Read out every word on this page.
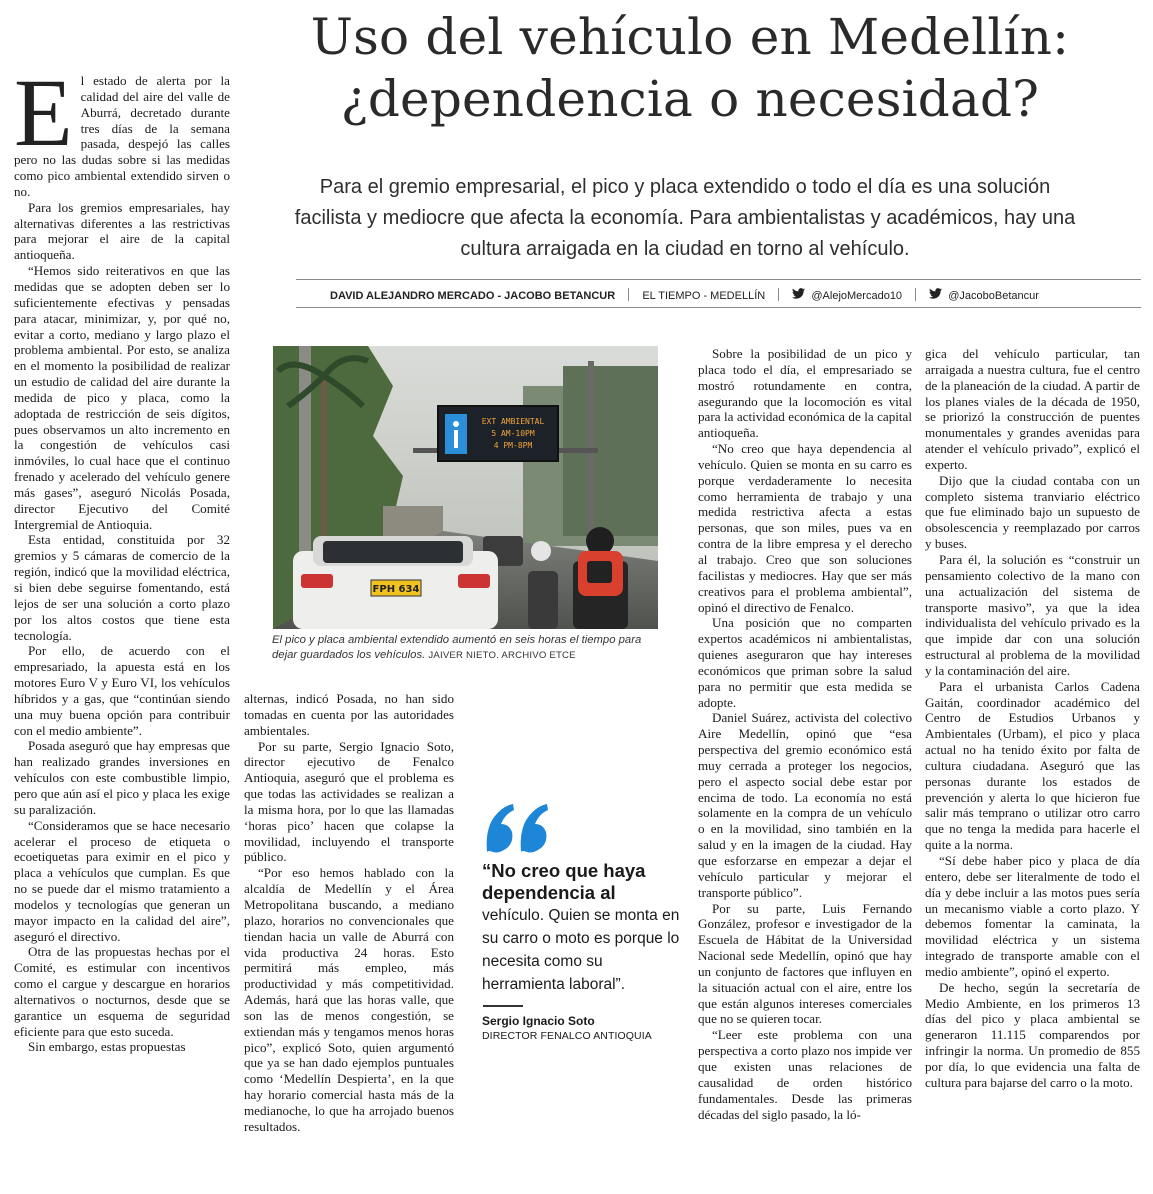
Uso del vehículo en Medellín:
¿dependencia o necesidad?

Para el gremio empresarial, el pico y placa extendido o todo el día es una solución facilista y mediocre que afecta la economía. Para ambientalistas y académicos, hay una cultura arraigada en la ciudad en torno al vehículo.

DAVID ALEJANDRO MERCADO - JACOBO BETANCUR EL TIEMPO - MEDELLÍN	@AlejoMercado10	@JacoboBetancur
E l estado de alerta por la calidad del aire del valle de Aburrá, decretado durante tres días de la semana pasada, despejó las calles pero no las dudas sobre si las medidas como pico ambiental extendido sirven o no.

Para los gremios empresariales, hay alternativas diferentes a las restrictivas para mejorar el aire de la capital antioqueña.

“Hemos sido reiterativos en que las medidas que se adopten deben ser lo suficientemente efectivas y pensadas para atacar, minimizar, y, por qué no, evitar a corto, mediano y largo plazo el problema ambiental. Por esto, se analiza en el momento la posibilidad de realizar un estudio de calidad del aire durante la medida de pico y placa, como la adoptada de restricción de seis dígitos, pues observamos un alto incremento en la congestión de vehículos casi inmóviles, lo cual hace que el continuo frenado y acelerado del vehículo genere más gases”, aseguró Nicolás Posada, director Ejecutivo del Comité Intergremial de Antioquia.

Esta entidad, constituida por 32 gremios y 5 cámaras de comercio de la región, indicó que la movilidad eléctrica, si bien debe seguirse fomentando, está lejos de ser una solución a corto plazo por los altos costos que tiene esta tecnología.

Por ello, de acuerdo con el empresariado, la apuesta está en los motores Euro V y Euro VI, los vehículos híbridos y a gas, que “continúan siendo una muy buena opción para contribuir con el medio ambiente”.

Posada aseguró que hay empresas que han realizado grandes inversiones en vehículos con este combustible limpio, pero que aún así el pico y placa les exige su paralización.

“Consideramos que se hace necesario acelerar el proceso de etiqueta o ecoetiquetas para eximir en el pico y placa a vehículos que cumplan. Es que no se puede dar el mismo tratamiento a modelos y tecnologías que generan un mayor impacto en la calidad del aire”, aseguró el directivo.

Otra de las propuestas hechas por el Comité, es estimular con incentivos como el cargue y descargue en horarios alternativos o nocturnos, desde que se garantice un esquema de seguridad eficiente para que esto suceda.

Sin embargo, estas propuestas

EXT AMBIENTAL
5 AM-10PM
4 PM-8PM
FPH 634

El pico y placa ambiental extendido aumentó en seis horas el tiempo para dejar guardados los vehículos. JAIVER NIETO. ARCHIVO ETCE

alternas, indicó Posada, no han sido tomadas en cuenta por las autoridades ambientales.

Por su parte, Sergio Ignacio Soto, director ejecutivo de Fenalco Antioquia, aseguró que el problema es que todas las actividades se realizan a la misma hora, por lo que las llamadas ‘horas pico’ hacen que colapse la movilidad, incluyendo el transporte público.

“Por eso hemos hablado con la alcaldía de Medellín y el Área Metropolitana buscando, a mediano plazo, horarios no convencionales que tiendan hacia un valle de Aburrá con vida productiva 24 horas. Esto permitirá más empleo, más productividad y más competitividad. Además, hará que las horas valle, que son las de menos congestión, se extiendan más y tengamos menos horas pico”, explicó Soto, quien argumentó que ya se han dado ejemplos puntuales como ‘Medellín Despierta’, en la que hay horario comercial hasta más de la medianoche, lo que ha arrojado buenos resultados.

“No creo que haya dependencia al

vehículo. Quien se monta en su carro o moto es porque lo necesita como su herramienta laboral”.

Sergio Ignacio Soto
DIRECTOR FENALCO ANTIOQUIA

Sobre la posibilidad de un pico y placa todo el día, el empresariado se mostró rotundamente en contra, asegurando que la locomoción es vital para la actividad económica de la capital antioqueña.

“No creo que haya dependencia al vehículo. Quien se monta en su carro es porque verdaderamente lo necesita como herramienta de trabajo y una medida restrictiva afecta a estas personas, que son miles, pues va en contra de la libre empresa y el derecho al trabajo. Creo que son soluciones facilistas y mediocres. Hay que ser más creativos para el problema ambiental”, opinó el directivo de Fenalco.

Una posición que no comparten expertos académicos ni ambientalistas, quienes aseguraron que hay intereses económicos que priman sobre la salud para no permitir que esta medida se adopte.

Daniel Suárez, activista del colectivo Aire Medellín, opinó que “esa perspectiva del gremio económico está muy cerrada a proteger los negocios, pero el aspecto social debe estar por encima de todo. La economía no está solamente en la compra de un vehículo o en la movilidad, sino también en la salud y en la imagen de la ciudad. Hay que esforzarse en empezar a dejar el vehículo particular y mejorar el transporte público”.

Por su parte, Luis Fernando González, profesor e investigador de la Escuela de Hábitat de la Universidad Nacional sede Medellín, opinó que hay un conjunto de factores que influyen en la situación actual con el aire, entre los que están algunos intereses comerciales que no se quieren tocar.

“Leer este problema con una perspectiva a corto plazo nos impide ver que existen unas relaciones de causalidad de orden histórico fundamentales. Desde las primeras décadas del siglo pasado, la ló-

gica del vehículo particular, tan arraigada a nuestra cultura, fue el centro de la planeación de la ciudad. A partir de los planes viales de la década de 1950, se priorizó la construcción de puentes monumentales y grandes avenidas para atender el vehículo privado”, explicó el experto.

Dijo que la ciudad contaba con un completo sistema tranviario eléctrico que fue eliminado bajo un supuesto de obsolescencia y reemplazado por carros y buses.

Para él, la solución es “construir un pensamiento colectivo de la mano con una actualización del sistema de transporte masivo”, ya que la idea individualista del vehículo privado es la que impide dar con una solución estructural al problema de la movilidad y la contaminación del aire.

Para el urbanista Carlos Cadena Gaitán, coordinador académico del Centro de Estudios Urbanos y Ambientales (Urbam), el pico y placa actual no ha tenido éxito por falta de cultura ciudadana. Aseguró que las personas durante los estados de prevención y alerta lo que hicieron fue salir más temprano o utilizar otro carro que no tenga la medida para hacerle el quite a la norma.

“Sí debe haber pico y placa de día entero, debe ser literalmente de todo el día y debe incluir a las motos pues sería un mecanismo viable a corto plazo. Y debemos fomentar la caminata, la movilidad eléctrica y un sistema integrado de transporte amable con el medio ambiente”, opinó el experto.

De hecho, según la secretaría de Medio Ambiente, en los primeros 13 días del pico y placa ambiental se generaron 11.115 comparendos por infringir la norma. Un promedio de 855 por día, lo que evidencia una falta de cultura para bajarse del carro o la moto.
